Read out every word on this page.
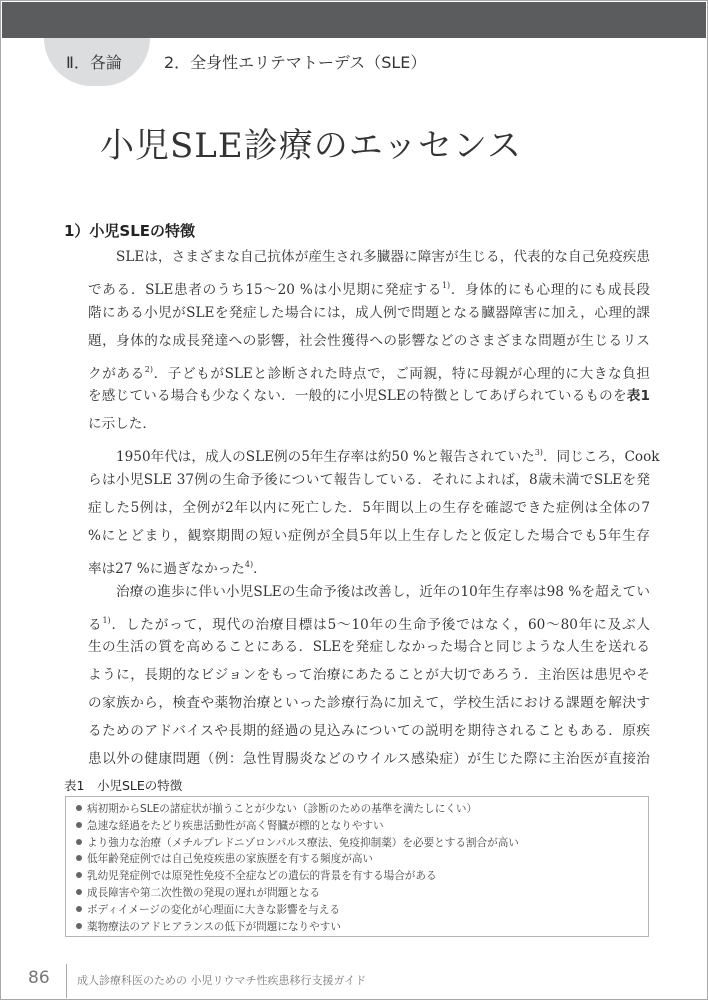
Ⅱ．各論	2．全身性エリテマトーデス（SLE）
小児SLE診療のエッセンス
1）小児SLEの特徴
SLEは，さまざまな自己抗体が産生され多臓器に障害が生じる，代表的な自己免疫疾患
である．SLE患者のうち15～20 %は小児期に発症する$^{1)}$．身体的にも心理的にも成長段
階にある小児がSLEを発症した場合には，成人例で問題となる臓器障害に加え，心理的課
題，身体的な成長発達への影響，社会性獲得への影響などのさまざまな問題が生じるリス
クがある$^{2)}$．子どもがSLEと診断された時点で，ご両親，特に母親が心理的に大きな負担
を感じている場合も少なくない．一般的に小児SLEの特徴としてあげられているものを表1
に示した．
1950年代は，成人のSLE例の5年生存率は約50 %と報告されていた$^{3)}$．同じころ，Cook
らは小児SLE 37例の生命予後について報告している．それによれば，8歳未満でSLEを発
症した5例は，全例が2年以内に死亡した．5年間以上の生存を確認できた症例は全体の7
%にとどまり，観察期間の短い症例が全員5年以上生存したと仮定した場合でも5年生存
率は27 %に過ぎなかった$^{4)}$．
治療の進歩に伴い小児SLEの生命予後は改善し，近年の10年生存率は98 %を超えてい
る$^{1)}$．したがって，現代の治療目標は5～10年の生命予後ではなく，60～80年に及ぶ人
生の生活の質を高めることにある．SLEを発症しなかった場合と同じような人生を送れる
ように，長期的なビジョンをもって治療にあたることが大切であろう．主治医は患児やそ
の家族から，検査や薬物治療といった診療行為に加えて，学校生活における課題を解決す
るためのアドバイスや長期的経過の見込みについての説明を期待されることもある．原疾
患以外の健康問題（例：急性胃腸炎などのウイルス感染症）が生じた際に主治医が直接治
表1　小児SLEの特徴
病初期からSLEの諸症状が揃うことが少ない（診断のための基準を満たしにくい）
急速な経過をたどり疾患活動性が高く腎臓が標的となりやすい
より強力な治療（メチルプレドニゾロンパルス療法、免疫抑制薬）を必要とする割合が高い
低年齢発症例では自己免疫疾患の家族歴を有する頻度が高い
乳幼児発症例では原発性免疫不全症などの遺伝的背景を有する場合がある
成長障害や第二次性徴の発現の遅れが問題となる
ボディイメージの変化が心理面に大きな影響を与える
薬物療法のアドヒアランスの低下が問題になりやすい
86 成人診療科医のための 小児リウマチ性疾患移行支援ガイド
